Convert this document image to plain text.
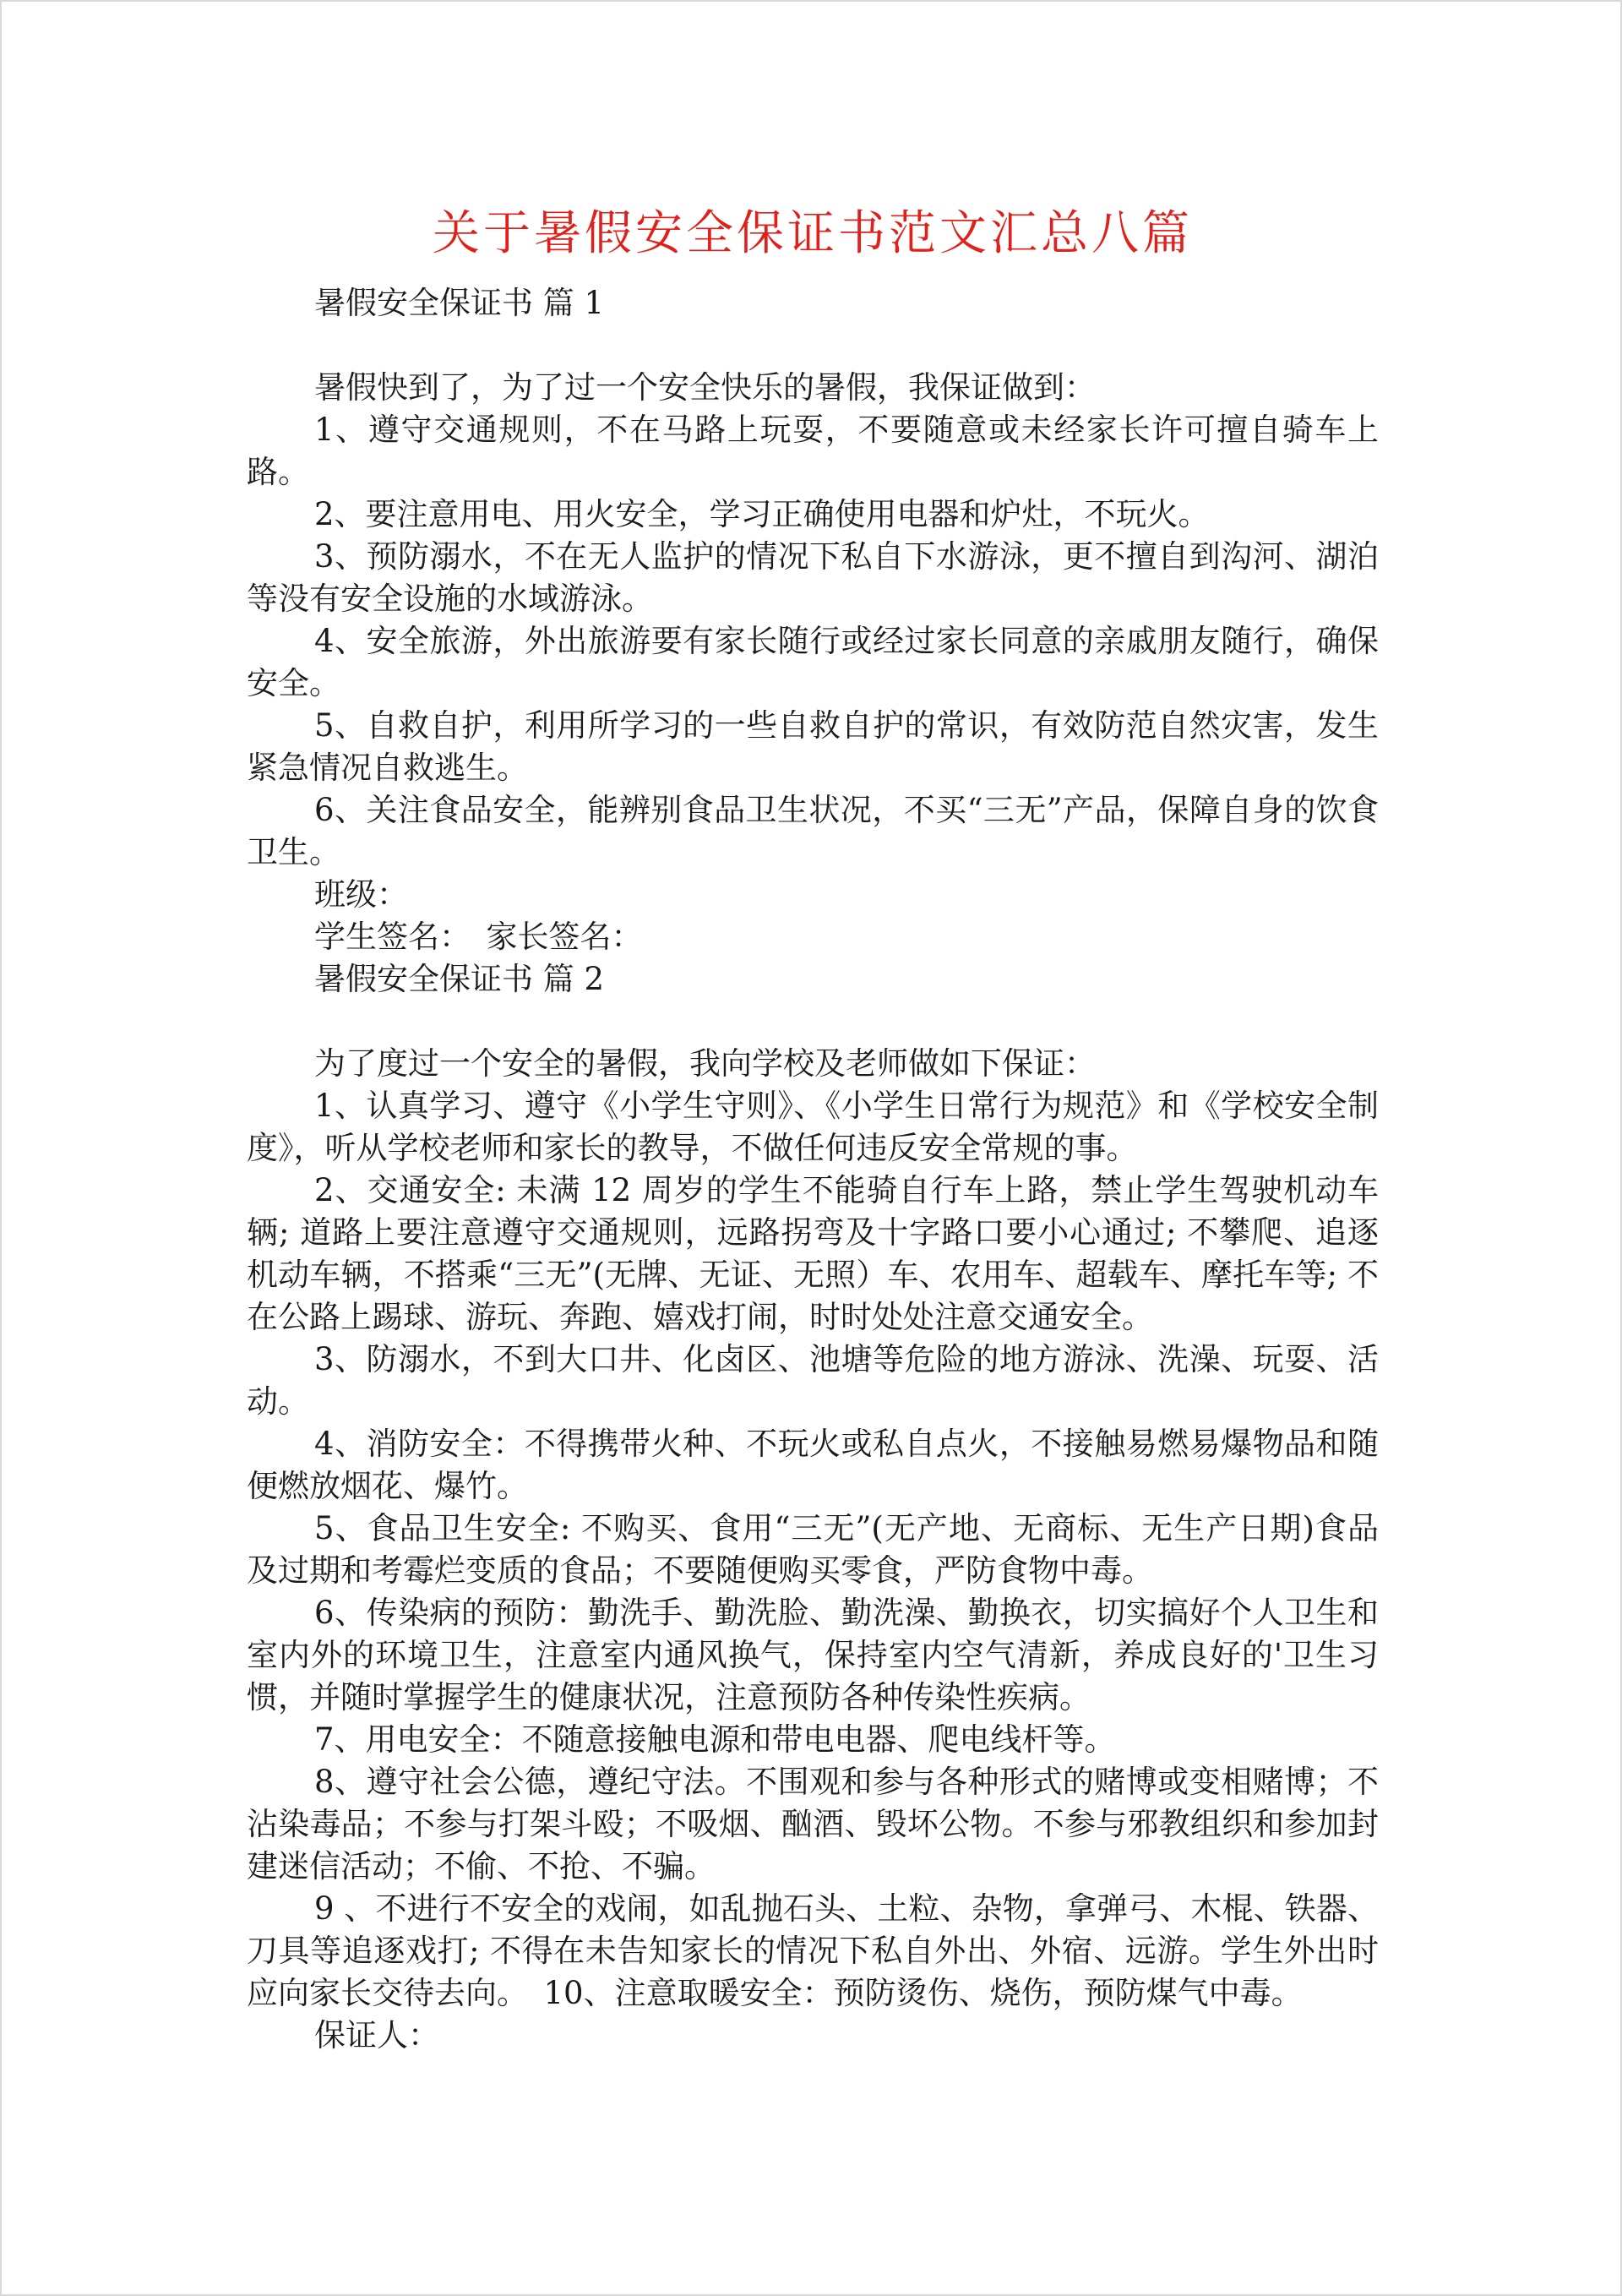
关于暑假安全保证书范文汇总八篇

暑假安全保证书 篇 1

暑假快到了，为了过一个安全快乐的暑假，我保证做到：

1、遵守交通规则，不在马路上玩耍，不要随意或未经家长许可擅自骑车上路。

2、要注意用电、用火安全，学习正确使用电器和炉灶，不玩火。

3、预防溺水，不在无人监护的情况下私自下水游泳，更不擅自到沟河、湖泊等没有安全设施的水域游泳。

4、安全旅游，外出旅游要有家长随行或经过家长同意的亲戚朋友随行，确保安全。

5、自救自护，利用所学习的一些自救自护的常识，有效防范自然灾害，发生紧急情况自救逃生。

6、关注食品安全，能辨别食品卫生状况，不买“三无”产品，保障自身的饮食卫生。

班级：

学生签名：　家长签名：

暑假安全保证书 篇 2

为了度过一个安全的暑假，我向学校及老师做如下保证：

1、认真学习、遵守《小学生守则》、《小学生日常行为规范》和《学校安全制度》，听从学校老师和家长的教导，不做任何违反安全常规的事。

2、交通安全: 未满 12 周岁的学生不能骑自行车上路，禁止学生驾驶机动车辆; 道路上要注意遵守交通规则，远路拐弯及十字路口要小心通过; 不攀爬、追逐机动车辆，不搭乘“三无”(无牌、无证、无照）车、农用车、超载车、摩托车等; 不在公路上踢球、游玩、奔跑、嬉戏打闹，时时处处注意交通安全。

3、防溺水，不到大口井、化卤区、池塘等危险的地方游泳、洗澡、玩耍、活动。

4、消防安全：不得携带火种、不玩火或私自点火，不接触易燃易爆物品和随便燃放烟花、爆竹。

5、食品卫生安全: 不购买、食用“三无”(无产地、无商标、无生产日期)食品及过期和考霉烂变质的食品；不要随便购买零食，严防食物中毒。

6、传染病的预防：勤洗手、勤洗脸、勤洗澡、勤换衣，切实搞好个人卫生和室内外的环境卫生，注意室内通风换气，保持室内空气清新，养成良好的'卫生习惯，并随时掌握学生的健康状况，注意预防各种传染性疾病。

7、用电安全：不随意接触电源和带电电器、爬电线杆等。

8、遵守社会公德，遵纪守法。不围观和参与各种形式的赌博或变相赌博；不沾染毒品；不参与打架斗殴；不吸烟、酗酒、毁坏公物。不参与邪教组织和参加封建迷信活动；不偷、不抢、不骗。

9 、不进行不安全的戏闹，如乱抛石头、土粒、杂物，拿弹弓、木棍、铁器、刀具等追逐戏打; 不得在未告知家长的情况下私自外出、外宿、远游。学生外出时应向家长交待去向。　10、注意取暖安全：预防烫伤、烧伤，预防煤气中毒。

保证人：
